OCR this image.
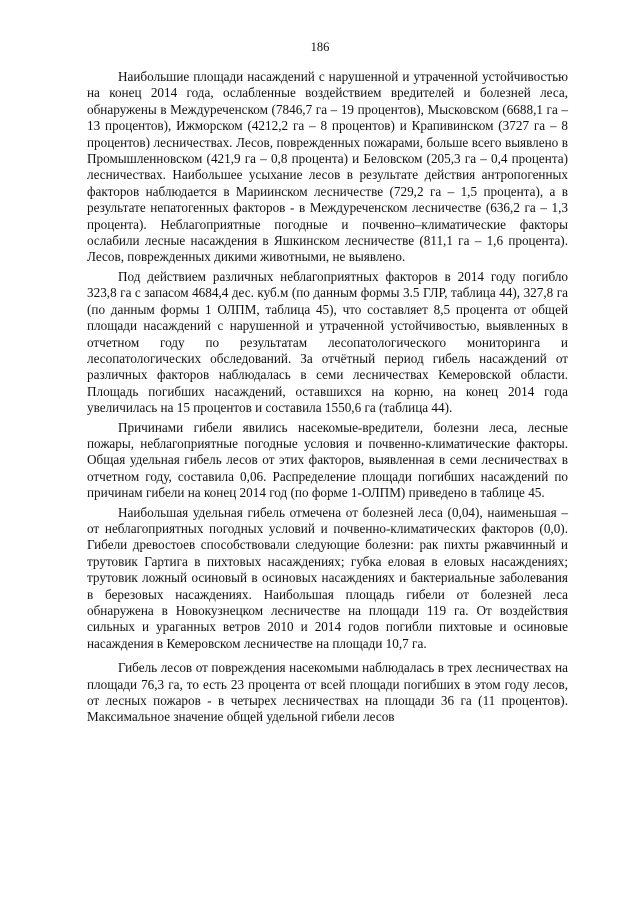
186

Наибольшие площади насаждений с нарушенной и утраченной устойчивостью на конец 2014 года, ослабленные воздействием вредителей и болезней леса, обнаружены в Междуреченском (7846,7 га – 19 процентов), Мысковском (6688,1 га – 13 процентов), Ижморском (4212,2 га – 8 процентов) и Крапивинском (3727 га – 8 процентов) лесничествах. Лесов, поврежденных пожарами, больше всего выявлено в Промышленновском (421,9 га – 0,8 процента) и Беловском (205,3 га – 0,4 процента) лесничествах. Наибольшее усыхание лесов в результате действия антропогенных факторов наблюдается в Мариинском лесничестве (729,2 га – 1,5 процента), а в результате непатогенных факторов - в Междуреченском лесничестве (636,2 га – 1,3 процента). Неблагоприятные погодные и почвенно–климатические факторы ослабили лесные насаждения в Яшкинском лесничестве (811,1 га – 1,6 процента). Лесов, поврежденных дикими животными, не выявлено.

Под действием различных неблагоприятных факторов в 2014 году погибло 323,8 га с запасом 4684,4 дес. куб.м (по данным формы 3.5 ГЛР, таблица 44), 327,8 га (по данным формы 1 ОЛПМ, таблица 45), что составляет 8,5 процента от общей площади насаждений с нарушенной и утраченной устойчивостью, выявленных в отчетном году по результатам лесопатологического мониторинга и лесопатологических обследований. За отчётный период гибель насаждений от различных факторов наблюдалась в семи лесничествах Кемеровской области. Площадь погибших насаждений, оставшихся на корню, на конец 2014 года увеличилась на 15 процентов и составила 1550,6 га (таблица 44).

Причинами гибели явились насекомые-вредители, болезни леса, лесные пожары, неблагоприятные погодные условия и почвенно-климатические факторы. Общая удельная гибель лесов от этих факторов, выявленная в семи лесничествах в отчетном году, составила 0,06. Распределение площади погибших насаждений по причинам гибели на конец 2014 год (по форме 1-ОЛПМ) приведено в таблице 45.

Наибольшая удельная гибель отмечена от болезней леса (0,04), наименьшая – от неблагоприятных погодных условий и почвенно-климатических факторов (0,0). Гибели древостоев способствовали следующие болезни: рак пихты ржавчинный и трутовик Гартига в пихтовых насаждениях; губка еловая в еловых насаждениях; трутовик ложный осиновый в осиновых насаждениях и бактериальные заболевания в березовых насаждениях. Наибольшая площадь гибели от болезней леса обнаружена в Новокузнецком лесничестве на площади 119 га. От воздействия сильных и ураганных ветров 2010 и 2014 годов погибли пихтовые и осиновые насаждения в Кемеровском лесничестве на площади 10,7 га.

Гибель лесов от повреждения насекомыми наблюдалась в трех лесничествах на площади 76,3 га, то есть 23 процента от всей площади погибших в этом году лесов, от лесных пожаров - в четырех лесничествах на площади 36 га (11 процентов). Максимальное значение общей удельной гибели лесов
